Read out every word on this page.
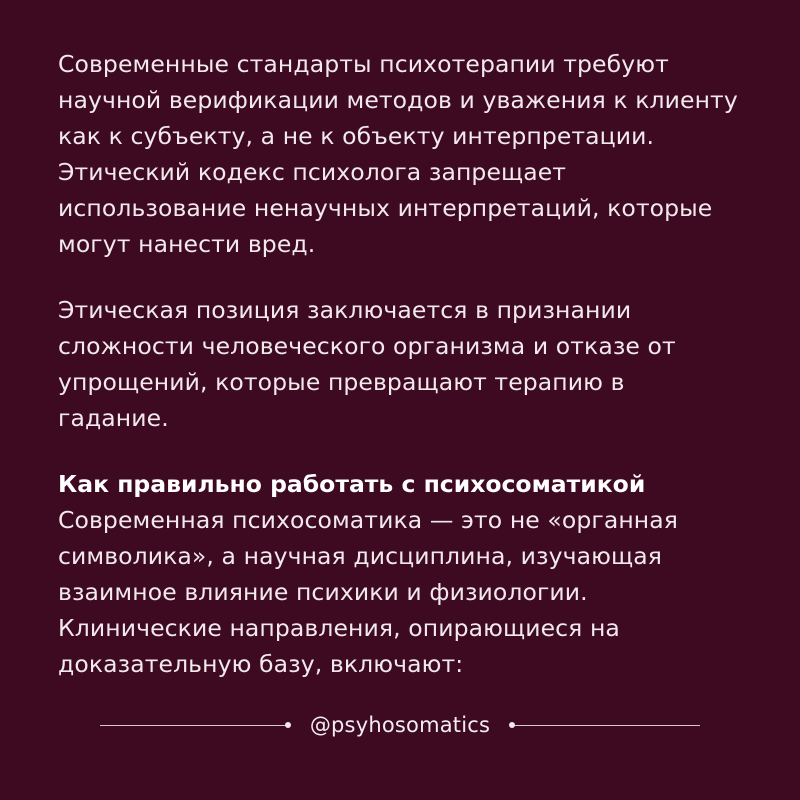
Современные стандарты психотерапии требуют научной верификации методов и уважения к клиенту как к субъекту, а не к объекту интерпретации. Этический кодекс психолога запрещает использование ненаучных интерпретаций, которые могут нанести вред.

Этическая позиция заключается в признании сложности человеческого организма и отказе от упрощений, которые превращают терапию в гадание.

Как правильно работать с психосоматикой

Современная психосоматика — это не «органная символика», а научная дисциплина, изучающая взаимное влияние психики и физиологии. Клинические направления, опирающиеся на доказательную базу, включают:

@psyhosomatics
